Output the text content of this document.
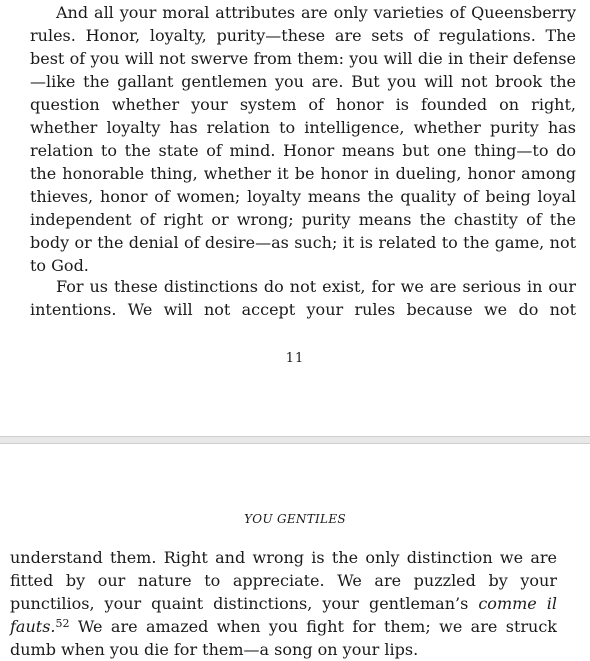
And all your moral attributes are only varieties of Queensberry rules. Honor, loyalty, purity—these are sets of regulations. The best of you will not swerve from them: you will die in their defense—like the gallant gentlemen you are. But you will not brook the question whether your system of honor is founded on right, whether loyalty has relation to intelligence, whether purity has relation to the state of mind. Honor means but one thing—to do the honorable thing, whether it be honor in dueling, honor among thieves, honor of women; loyalty means the quality of being loyal independent of right or wrong; purity means the chastity of the body or the denial of desire—as such; it is related to the game, not to God.

For us these distinctions do not exist, for we are serious in our intentions. We will not accept your rules because we do not

11
YOU GENTILES

understand them. Right and wrong is the only distinction we are fitted by our nature to appreciate. We are puzzled by your punctilios, your quaint distinctions, your gentleman’s comme il fauts.$^{52}$ We are amazed when you fight for them; we are struck dumb when you die for them—a song on your lips.
